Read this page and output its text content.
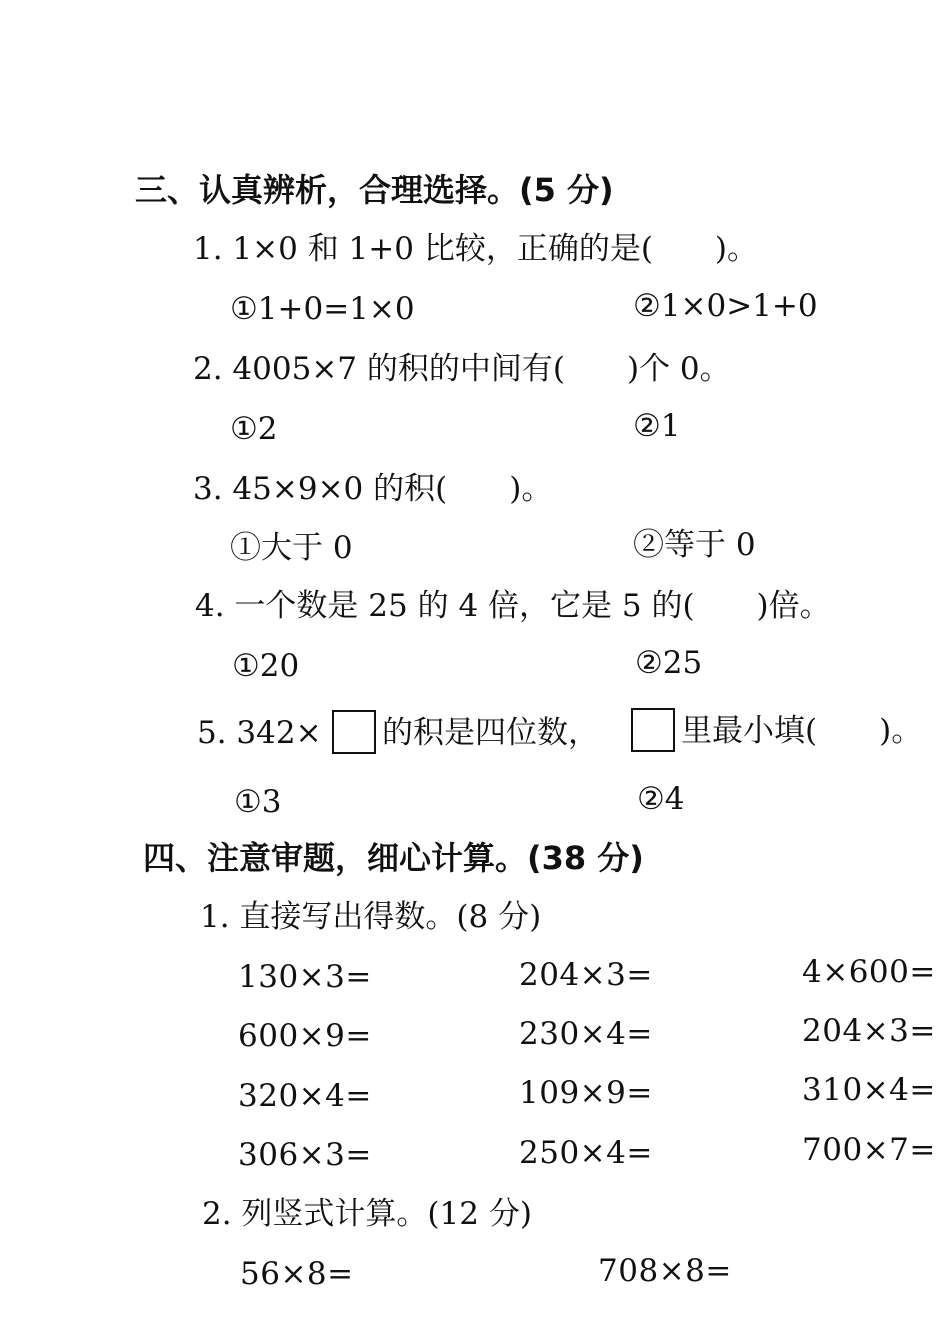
三、认真辨析，合理选择。(5 分)
1. 1×0 和 1+0 比较，正确的是(　　)。
①1+0=1×0	②1×0>1+0
2. 4005×7 的积的中间有(　　)个 0。
①2	②1
3. 45×9×0 的积(　　)。
①大于 0	②等于 0
4. 一个数是 25 的 4 倍，它是 5 的(　　)倍。
①20	②25
5. 342× 的积是四位数，	里最小填(　　)。
①3	②4
四、注意审题，细心计算。(38 分)
1. 直接写出得数。(8 分)
130×3=	204×3=	4×600=
600×9=	230×4=	204×3=
320×4=	109×9=	310×4=
306×3=	250×4=	700×7=
2. 列竖式计算。(12 分)
56×8=	708×8=
